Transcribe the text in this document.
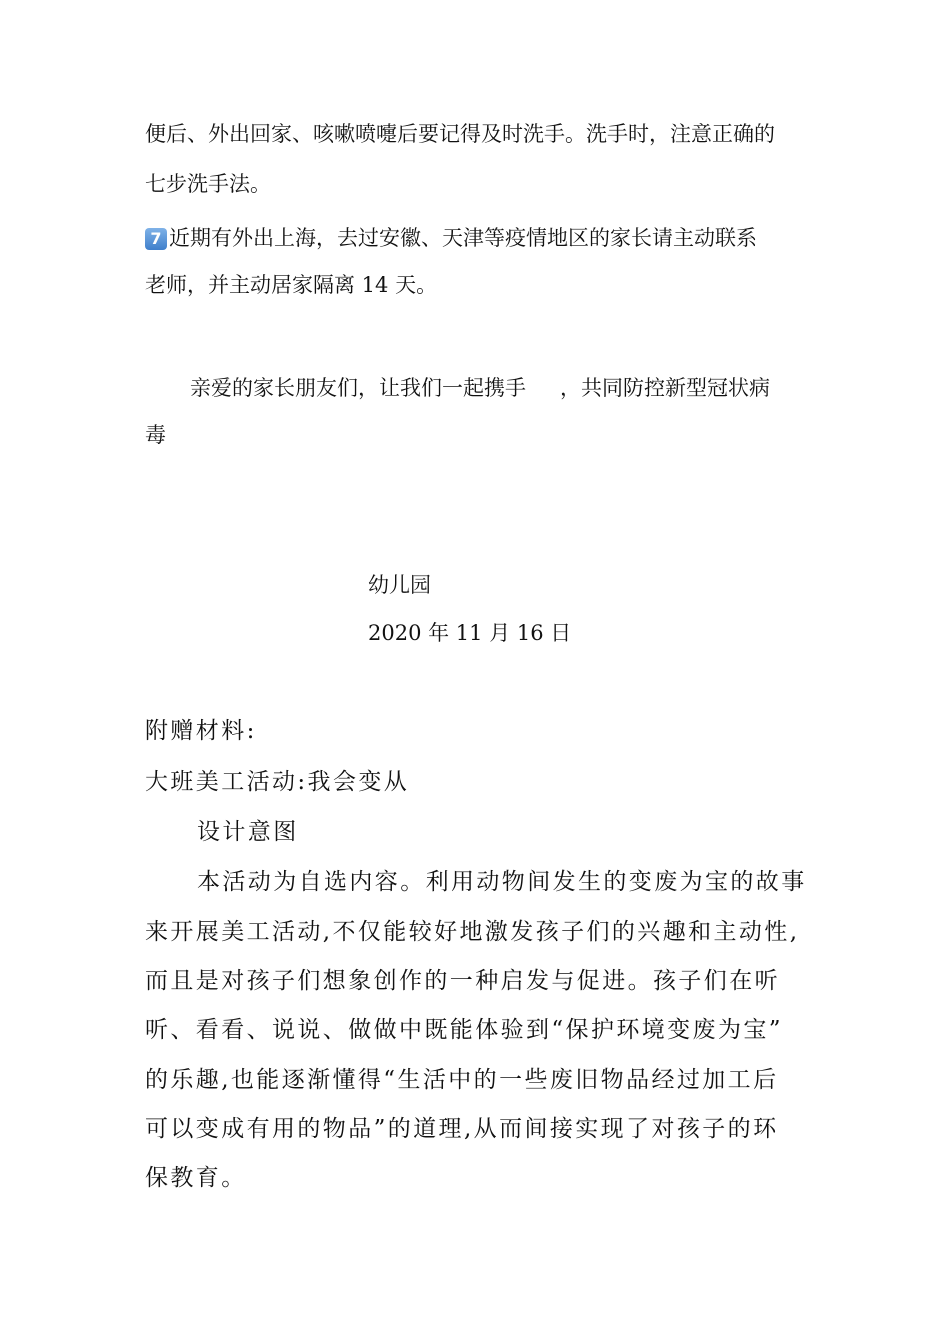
便后、外出回家、咳嗽喷嚏后要记得及时洗手。洗手时，注意正确的

七步洗手法。

7 近期有外出上海，去过安徽、天津等疫情地区的家长请主动联系

老师，并主动居家隔离 14 天。

亲爱的家长朋友们，让我们一起携手 ，共同防控新型冠状病

毒

幼儿园

2020 年 11 月 16 日

附赠材料:

大班美工活动:我会变从

设计意图

本活动为自选内容。利用动物间发生的变废为宝的故事

来开展美工活动,不仅能较好地激发孩子们的兴趣和主动性,

而且是对孩子们想象创作的一种启发与促进。孩子们在听

听、看看、说说、做做中既能体验到“保护环境变废为宝”

的乐趣,也能逐渐懂得“生活中的一些废旧物品经过加工后

可以变成有用的物品”的道理,从而间接实现了对孩子的环

保教育。
